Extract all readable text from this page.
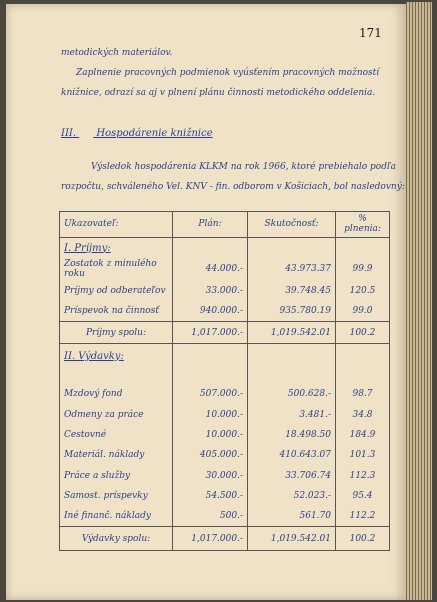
171
metodických materiálov.
Zaplnenie pracovných podmienok vyúsťením pracovných možností
knižnice, odrazí sa aj v plnení plánu činnosti metodického oddelenia.
III. Hospodárenie knižnice
Výsledok hospodárenia KLKM na rok 1966, ktoré prebiehalo podľa
rozpočtu, schváleného Vel. KNV - fin. odborom v Košiciach, bol nasledovný:
Ukazovateľ:	Plán:	Skutočnosť:	% plnenia:
I. Príjmy:			
Zostatok z minulého roku	44.000.-	43.973.37	99.9
Príjmy od odberateľov	33.000.-	39.748.45	120.5
Príspevok na činnosť	940.000.-	935.780.19	99.0
Príjmy spolu:	1,017.000.-	1,019.542.01	100.2
II. Výdavky:			

Mzdový fond	507.000.-	500.628.-	98.7
Odmeny za práce	10.000.-	3.481.-	34.8
Cestovné	10.000.-	18.498.50	184.9
Materiál. náklady	405.000.-	410.643.07	101.3
Práce a služby	30.000.-	33.706.74	112.3
Samost. príspevky	54.500.-	52.023.-	95.4
Iné finanč. náklady	500.-	561.70	112.2
Výdavky spolu:	1,017.000.-	1,019.542.01	100.2
